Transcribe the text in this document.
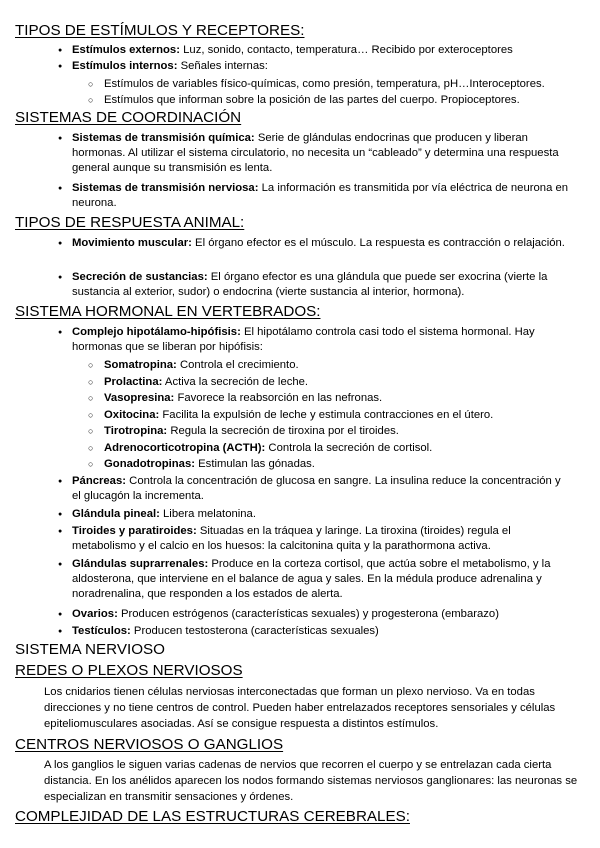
TIPOS DE ESTÍMULOS Y RECEPTORES:
● Estímulos externos: Luz, sonido, contacto, temperatura… Recibido por exteroceptores
● Estímulos internos: Señales internas:
○ Estímulos de variables físico-químicas, como presión, temperatura, pH…Interoceptores.
○ Estímulos que informan sobre la posición de las partes del cuerpo. Propioceptores.
SISTEMAS DE COORDINACIÓN
● Sistemas de transmisión química: Serie de glándulas endocrinas que producen y liberan hormonas. Al utilizar el sistema circulatorio, no necesita un “cableado” y determina una respuesta general aunque su transmisión es lenta.
● Sistemas de transmisión nerviosa: La información es transmitida por vía eléctrica de neurona en neurona.
TIPOS DE RESPUESTA ANIMAL:
● Movimiento muscular: El órgano efector es el músculo. La respuesta es contracción o relajación.
● Secreción de sustancias: El órgano efector es una glándula que puede ser exocrina (vierte la sustancia al exterior, sudor) o endocrina (vierte sustancia al interior, hormona).
SISTEMA HORMONAL EN VERTEBRADOS:
● Complejo hipotálamo-hipófisis: El hipotálamo controla casi todo el sistema hormonal. Hay hormonas que se liberan por hipófisis:
○ Somatropina: Controla el crecimiento.
○ Prolactina: Activa la secreción de leche.
○ Vasopresina: Favorece la reabsorción en las nefronas.
○ Oxitocina: Facilita la expulsión de leche y estimula contracciones en el útero.
○ Tirotropina: Regula la secreción de tiroxina por el tiroides.
○ Adrenocorticotropina (ACTH): Controla la secreción de cortisol.
○ Gonadotropinas: Estimulan las gónadas.
● Páncreas: Controla la concentración de glucosa en sangre. La insulina reduce la concentración y el glucagón la incrementa.
● Glándula pineal: Libera melatonina.
● Tiroides y paratiroides: Situadas en la tráquea y laringe. La tiroxina (tiroides) regula el metabolismo y el calcio en los huesos: la calcitonina quita y la parathormona activa.
● Glándulas suprarrenales: Produce en la corteza cortisol, que actúa sobre el metabolismo, y la aldosterona, que interviene en el balance de agua y sales. En la médula produce adrenalina y noradrenalina, que responden a los estados de alerta.
● Ovarios: Producen estrógenos (características sexuales) y progesterona (embarazo)
● Testículos: Producen testosterona (características sexuales)
SISTEMA NERVIOSO
REDES O PLEXOS NERVIOSOS
Los cnidarios tienen células nerviosas interconectadas que forman un plexo nervioso. Va en todas direcciones y no tiene centros de control. Pueden haber entrelazados receptores sensoriales y células epiteliomusculares asociadas. Así se consigue respuesta a distintos estímulos.
CENTROS NERVIOSOS O GANGLIOS
A los ganglios le siguen varias cadenas de nervios que recorren el cuerpo y se entrelazan cada cierta distancia. En los anélidos aparecen los nodos formando sistemas nerviosos ganglionares: las neuronas se especializan en transmitir sensaciones y órdenes.
COMPLEJIDAD DE LAS ESTRUCTURAS CEREBRALES:
